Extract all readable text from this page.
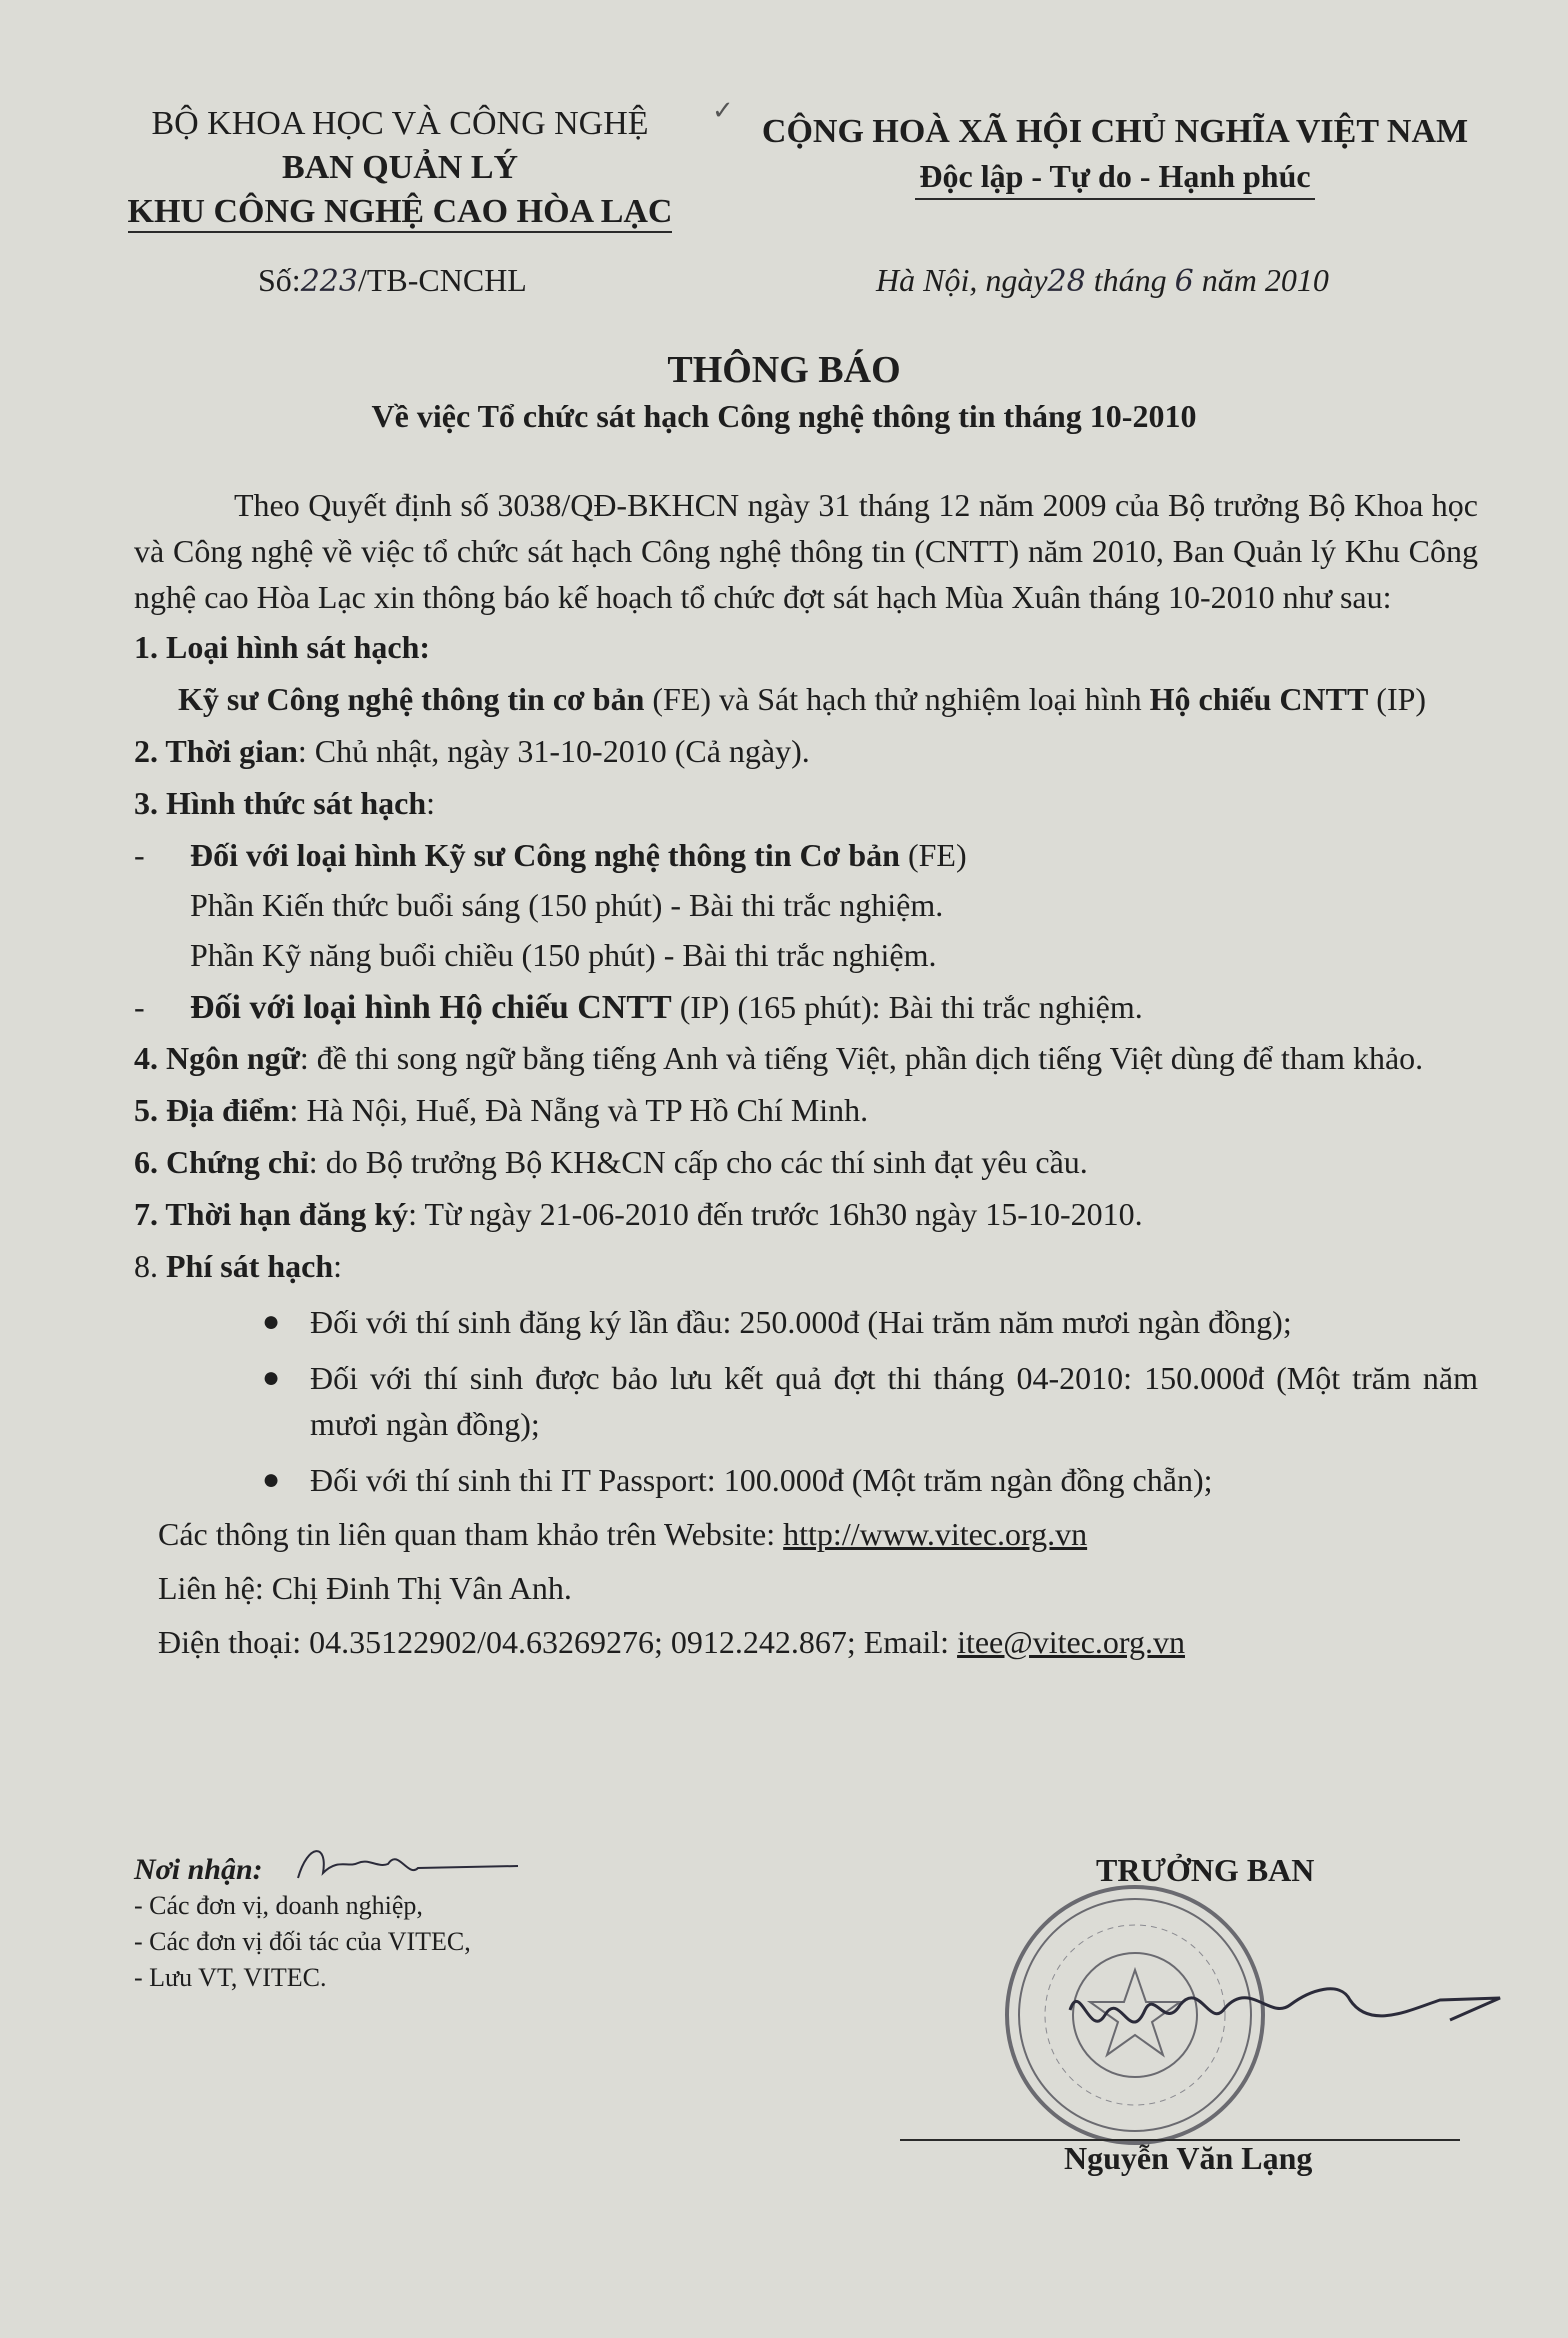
BỘ KHOA HỌC VÀ CÔNG NGHỆ
BAN QUẢN LÝ
KHU CÔNG NGHỆ CAO HÒA LẠC
✓
CỘNG HOÀ XÃ HỘI CHỦ NGHĨA VIỆT NAM
Độc lập - Tự do - Hạnh phúc
Số:223/TB-CNCHL	Hà Nội, ngày28 tháng 6 năm 2010
THÔNG BÁO
Về việc Tổ chức sát hạch Công nghệ thông tin tháng 10-2010

Theo Quyết định số 3038/QĐ-BKHCN ngày 31 tháng 12 năm 2009 của Bộ trưởng Bộ Khoa học và Công nghệ về việc tổ chức sát hạch Công nghệ thông tin (CNTT) năm 2010, Ban Quản lý Khu Công nghệ cao Hòa Lạc xin thông báo kế hoạch tổ chức đợt sát hạch Mùa Xuân tháng 10-2010 như sau:

1. Loại hình sát hạch:

Kỹ sư Công nghệ thông tin cơ bản (FE) và Sát hạch thử nghiệm loại hình Hộ chiếu CNTT (IP)

2. Thời gian: Chủ nhật, ngày 31-10-2010 (Cả ngày).

3. Hình thức sát hạch:

- Đối với loại hình Kỹ sư Công nghệ thông tin Cơ bản (FE)
Phần Kiến thức buổi sáng (150 phút) - Bài thi trắc nghiệm.
Phần Kỹ năng buổi chiều (150 phút) - Bài thi trắc nghiệm.
- Đối với loại hình Hộ chiếu CNTT (IP) (165 phút): Bài thi trắc nghiệm.

4. Ngôn ngữ: đề thi song ngữ bằng tiếng Anh và tiếng Việt, phần dịch tiếng Việt dùng để tham khảo.

5. Địa điểm: Hà Nội, Huế, Đà Nẵng và TP Hồ Chí Minh.

6. Chứng chỉ: do Bộ trưởng Bộ KH&CN cấp cho các thí sinh đạt yêu cầu.

7. Thời hạn đăng ký: Từ ngày 21-06-2010 đến trước 16h30 ngày 15-10-2010.

8. Phí sát hạch:

● Đối với thí sinh đăng ký lần đầu: 250.000đ (Hai trăm năm mươi ngàn đồng);
● Đối với thí sinh được bảo lưu kết quả đợt thi tháng 04-2010: 150.000đ (Một trăm năm mươi ngàn đồng);
● Đối với thí sinh thi IT Passport: 100.000đ (Một trăm ngàn đồng chẵn);
Các thông tin liên quan tham khảo trên Website: http://www.vitec.org.vn
Liên hệ: Chị Đinh Thị Vân Anh.
Điện thoại: 04.35122902/04.63269276; 0912.242.867; Email: itee@vitec.org.vn
Nơi nhận:
- Các đơn vị, doanh nghiệp,
- Các đơn vị đối tác của VITEC,
- Lưu VT, VITEC.
TRƯỞNG BAN
Nguyễn Văn Lạng
